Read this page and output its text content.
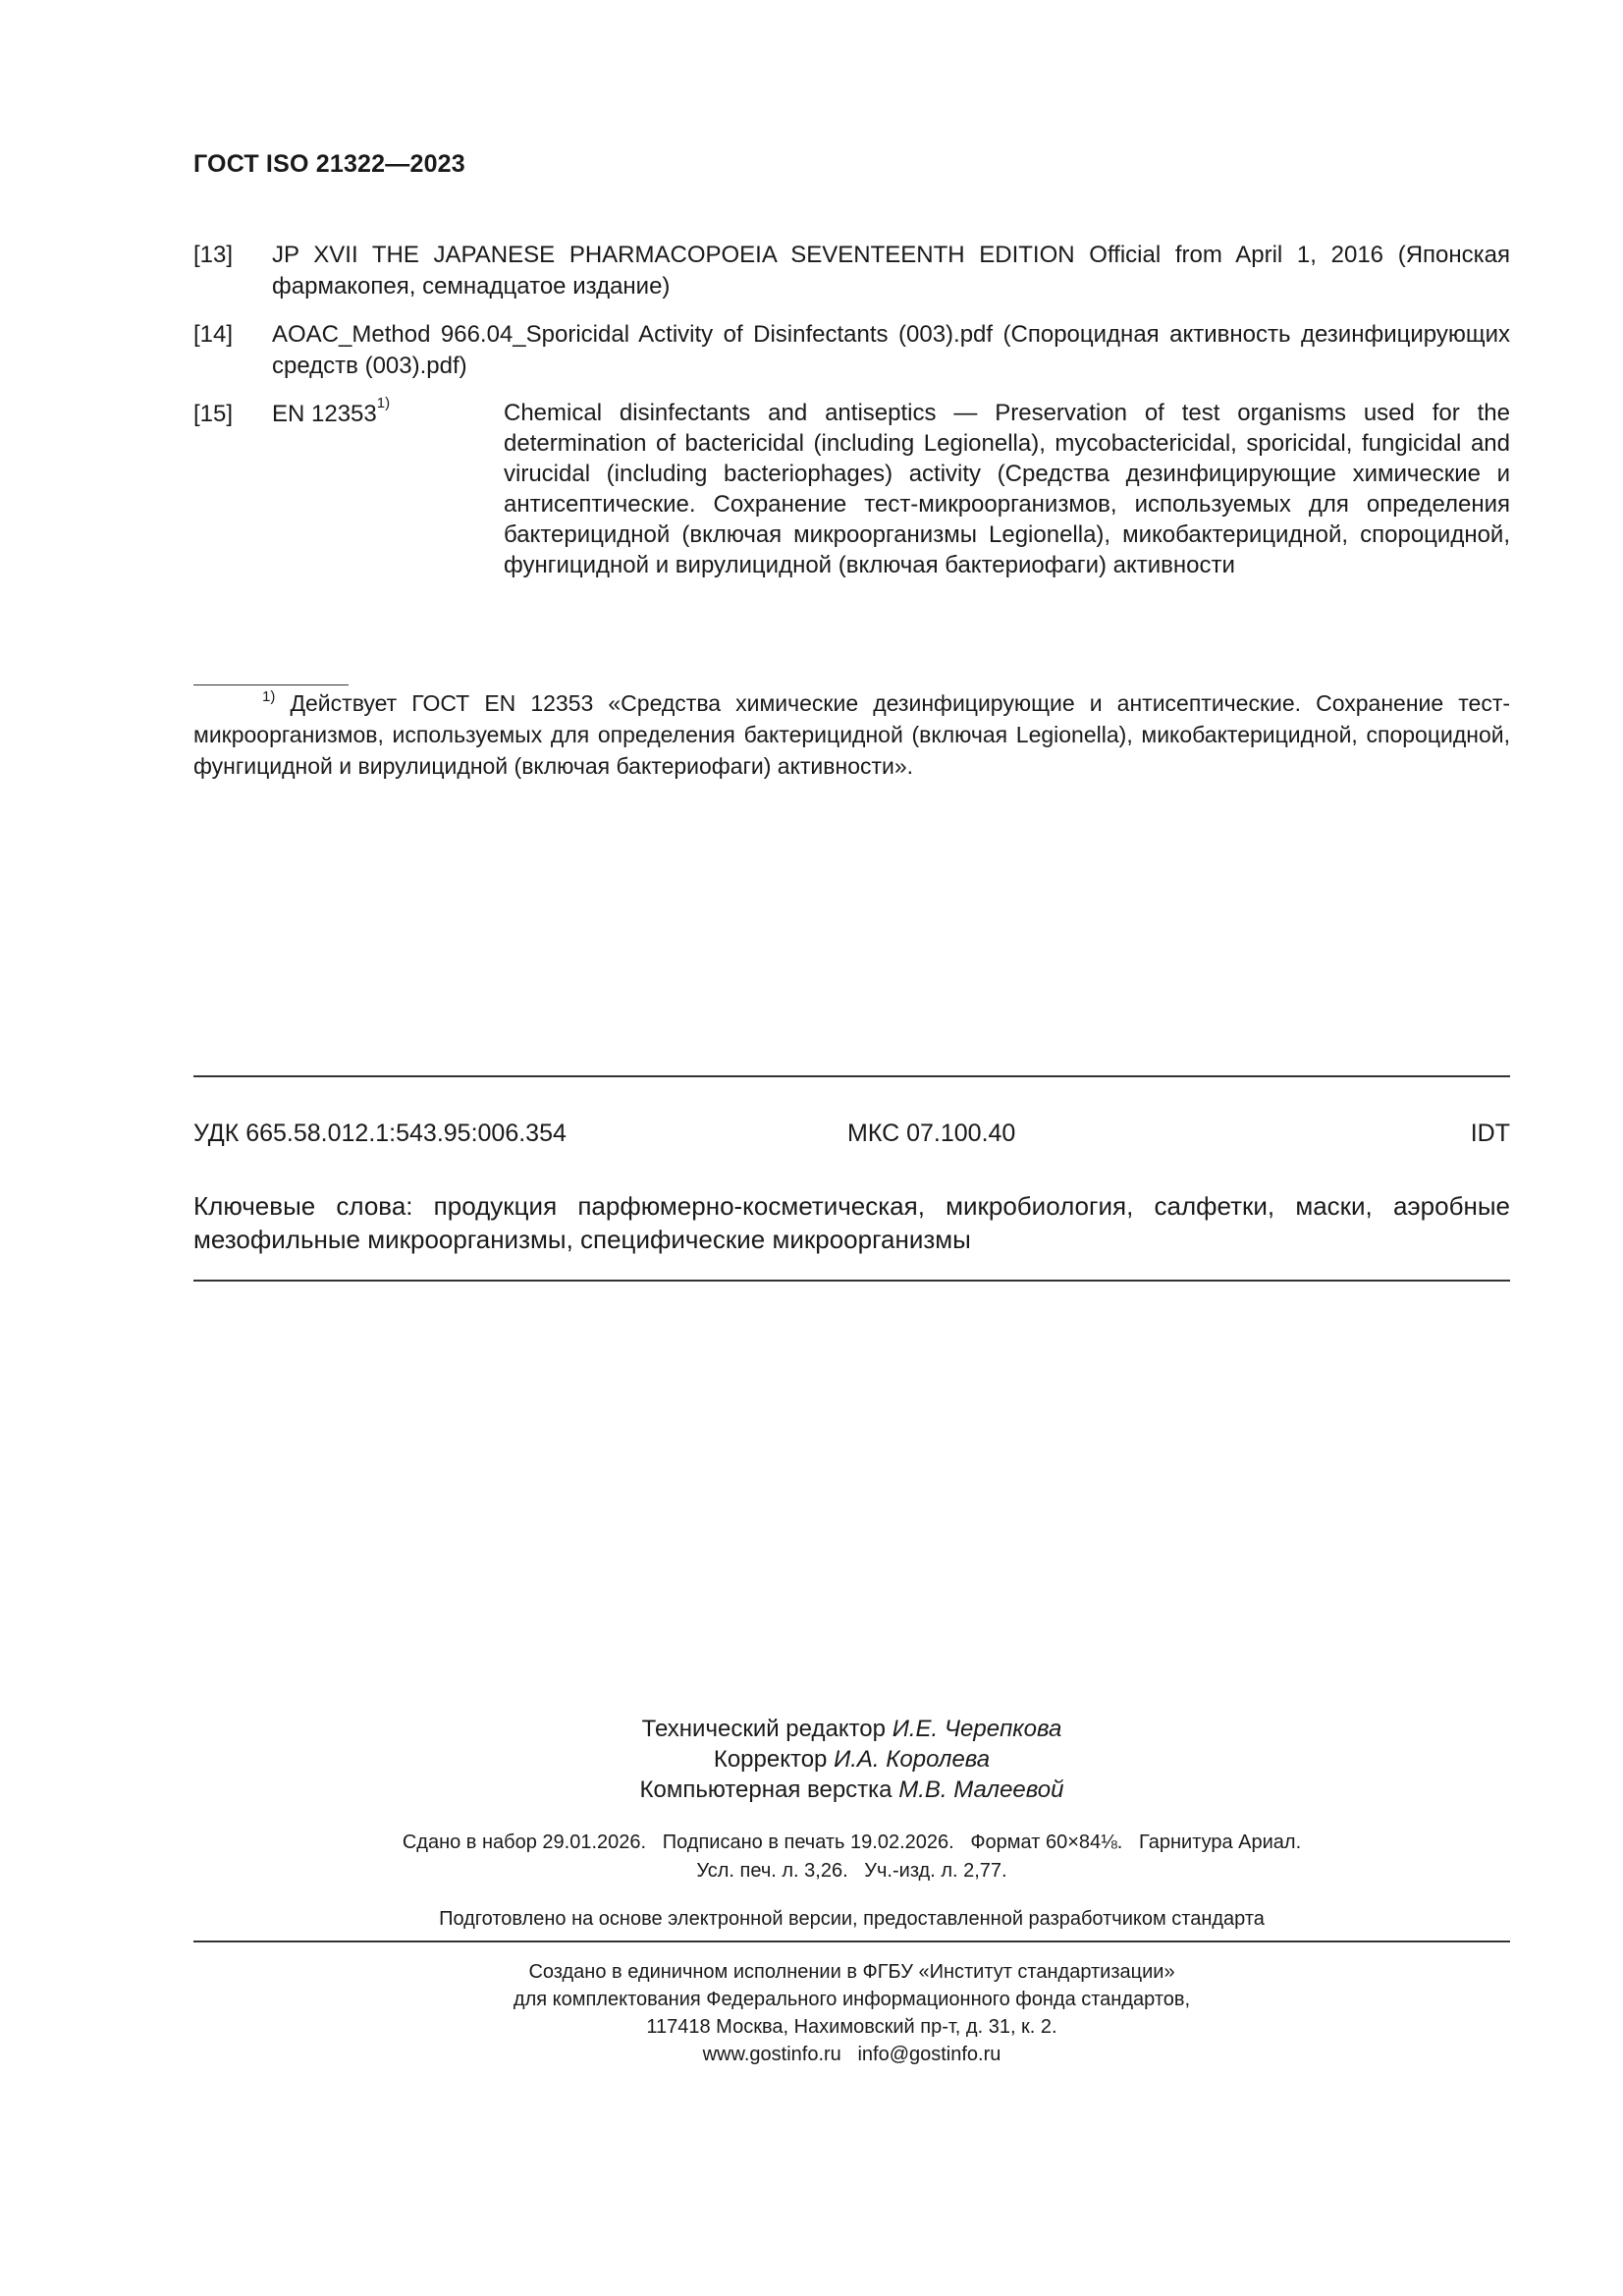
ГОСТ ISO 21322—2023
[13] JP XVII THE JAPANESE PHARMACOPOEIA SEVENTEENTH EDITION Official from April 1, 2016 (Японская фармакопея, семнадцатое издание)
[14] AOAC_Method 966.04_Sporicidal Activity of Disinfectants (003).pdf (Спороцидная активность дезинфицирующих средств (003).pdf)
[15] EN 12353$^{1)}$	Chemical disinfectants and antiseptics — Preservation of test organisms used for the determination of bactericidal (including Legionella), mycobactericidal, sporicidal, fungicidal and virucidal (including bacteriophages) activity (Средства дезинфицирующие химические и антисептические. Сохранение тест-микроорганизмов, используемых для определения бактерицидной (включая микроорганизмы Legionella), микобактерицидной, спороцидной, фунгицидной и вирулицидной (включая бактериофаги) активности
$^{1)}$ Действует ГОСТ EN 12353 «Средства химические дезинфицирующие и антисептические. Сохранение тест-микроорганизмов, используемых для определения бактерицидной (включая Legionella), микобактерицидной, спороцидной, фунгицидной и вирулицидной (включая бактериофаги) активности».
УДК 665.58.012.1:543.95:006.354	МКС 07.100.40	IDT
Ключевые слова: продукция парфюмерно-косметическая, микробиология, салфетки, маски, аэробные мезофильные микроорганизмы, специфические микроорганизмы
Технический редактор И.Е. Черепкова
Корректор И.А. Королева
Компьютерная верстка М.В. Малеевой
Сдано в набор 29.01.2026.   Подписано в печать 19.02.2026.   Формат 60×84⅛.   Гарнитура Ариал.
Усл. печ. л. 3,26.   Уч.-изд. л. 2,77.
Подготовлено на основе электронной версии, предоставленной разработчиком стандарта
Создано в единичном исполнении в ФГБУ «Институт стандартизации»
для комплектования Федерального информационного фонда стандартов,
117418 Москва, Нахимовский пр-т, д. 31, к. 2.
www.gostinfo.ru   info@gostinfo.ru
